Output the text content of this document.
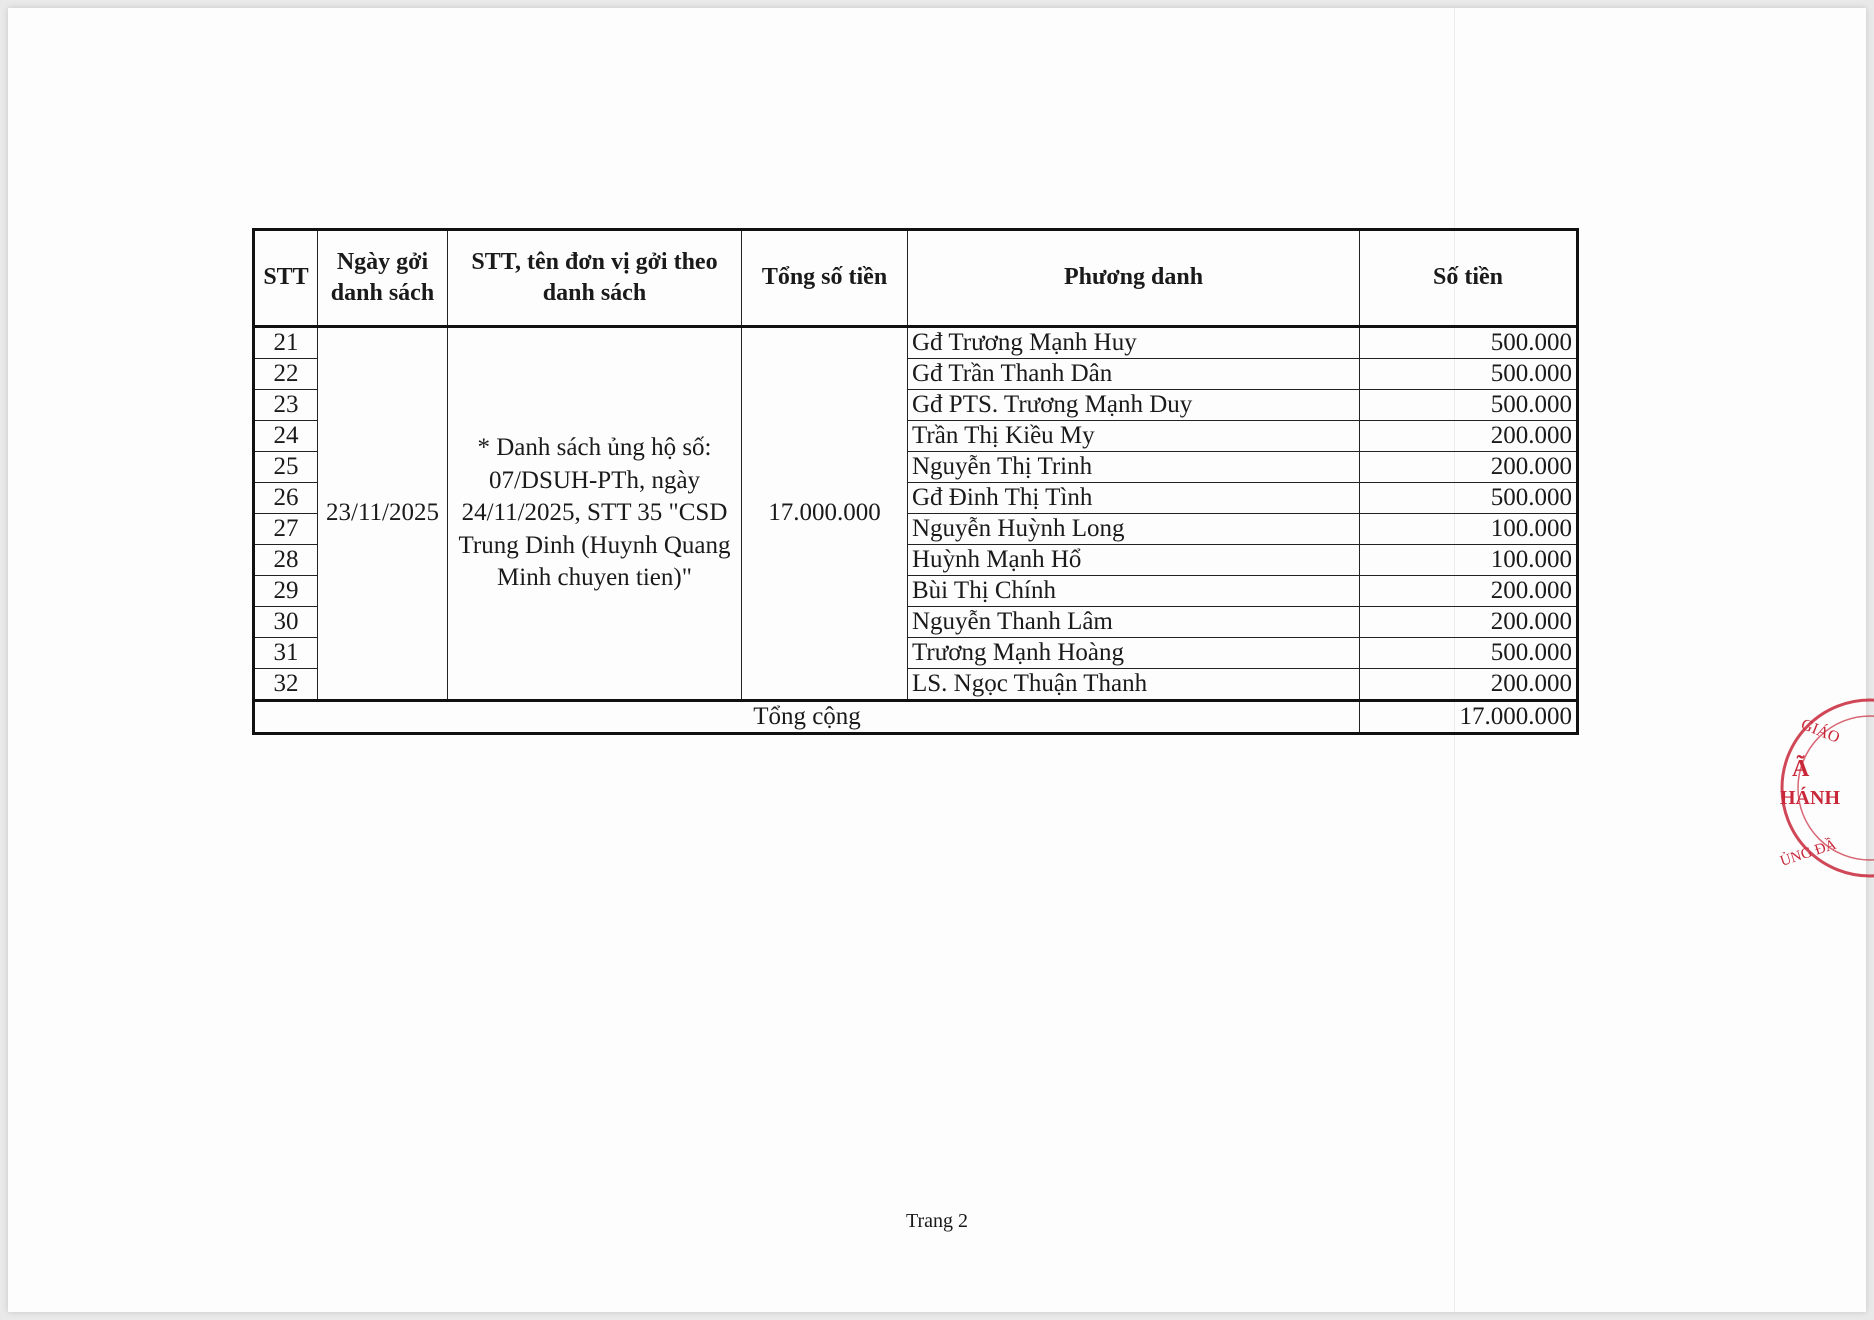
STT	Ngày gởi danh sách	STT, tên đơn vị gởi theo danh sách	Tổng số tiền	Phương danh	Số tiền
21	23/11/2025	* Danh sách ủng hộ số: 07/DSUH-PTh, ngày 24/11/2025, STT 35 "CSD Trung Dinh (Huynh Quang Minh chuyen tien)"	17.000.000	Gđ Trương Mạnh Huy	500.000
22				Gđ Trần Thanh Dân	500.000
23				Gđ PTS. Trương Mạnh Duy	500.000
24				Trần Thị Kiều My	200.000
25				Nguyễn Thị Trinh	200.000
26				Gđ Đinh Thị Tình	500.000
27				Nguyễn Huỳnh Long	100.000
28				Huỳnh Mạnh Hổ	100.000
29				Bùi Thị Chính	200.000
30				Nguyễn Thanh Lâm	200.000
31				Trương Mạnh Hoàng	500.000
32				LS. Ngọc Thuận Thanh	200.000
Tổng cộng					17.000.000
Trang 2
GIÁO
Ã
HÁNH
ỦNG ĐẦ
